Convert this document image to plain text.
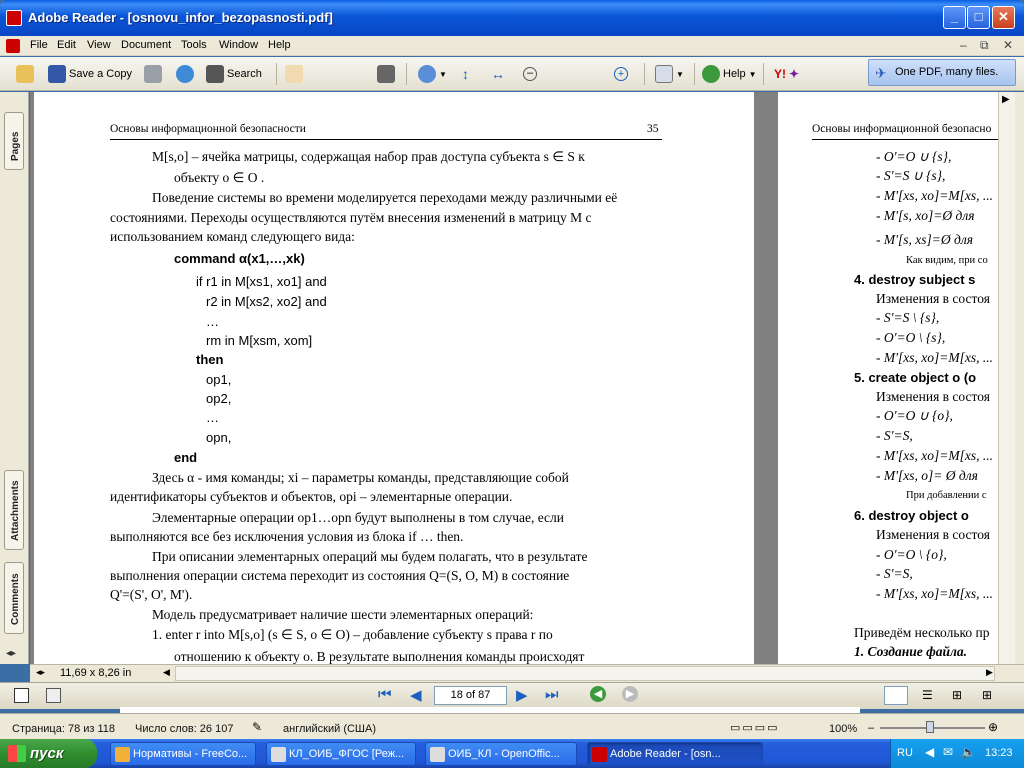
Adobe Reader - [osnovu_infor_bezopasnosti.pdf]	_	□	✕
File Edit View Document Tools Window Help	– ⧉ ✕
Save a Copy	Search	▼ ↕ ↔	–	+	▼	Help ▼ Y! ✦	✈ One PDF, many files.
Pages
Attachments
Comments
◂▸
Основы информационной безопасности	35
M[s,o] – ячейка матрицы, содержащая набор прав доступа субъекта s ∈ S к
объекту o ∈ O .
Поведение системы во времени моделируется переходами между различными её
состояниями. Переходы осуществляются путём внесения изменений в матрицу М с
использованием команд следующего вида:
command α(x1,…,xk)
if r1 in M[xs1, xo1] and
r2 in M[xs2, xo2] and
…
rm in M[xsm, xom]
then
op1,
op2,
…
opn,
end
Здесь α - имя команды; xi – параметры команды, представляющие собой
идентификаторы субъектов и объектов, opi – элементарные операции.
Элементарные операции op1…opn будут выполнены в том случае, если
выполняются все без исключения условия из блока if … then.
При описании элементарных операций мы будем полагать, что в результате
выполнения операции система переходит из состояния Q=(S, O, M) в состояние
Q'=(S', O', M').
Модель предусматривает наличие шести элементарных операций:
1. enter r into M[s,o] (s ∈ S, o ∈ O) – добавление субъекту s права r по
отношению к объекту o. В результате выполнения команды происходят
Основы информационной безопасно
- O'=O ∪ {s},
- S'=S ∪ {s},
- M'[xs, xo]=M[xs, ...
- M'[s, xo]=Ø для
- M'[s, xs]=Ø для
Как видим, при со
4. destroy subject s
Изменения в состоя
- S'=S \ {s},
- O'=O \ {s},
- M'[xs, xo]=M[xs, ...
5. create object o (о
Изменения в состоя
- O'=O ∪ {o},
- S'=S,
- M'[xs, xo]=M[xs, ...
- M'[xs, o]= Ø для
При добавлении с
6. destroy object o
Изменения в состоя
- O'=O \ {o},
- S'=S,
- M'[xs, xo]=M[xs, ...
Приведём несколько пр
1. Создание файла.
▶
◂▸ 11,69 x 8,26 in	◀	▶
⏮ ◀	18 of 87	▶ ⏭	◀	▶	☰ ⊞ ⊞
Страница: 78 из 118 Число слов: 26 107 ✎ английский (США)	▭▭▭▭	100% –	⊕
пуск	Нормативы - FreeCo...	КЛ_ОИБ_ФГОС [Реж...	ОИБ_КЛ - OpenOffic...	Adobe Reader - [osn...	RU ◀ ✉ 🔈 13:23
